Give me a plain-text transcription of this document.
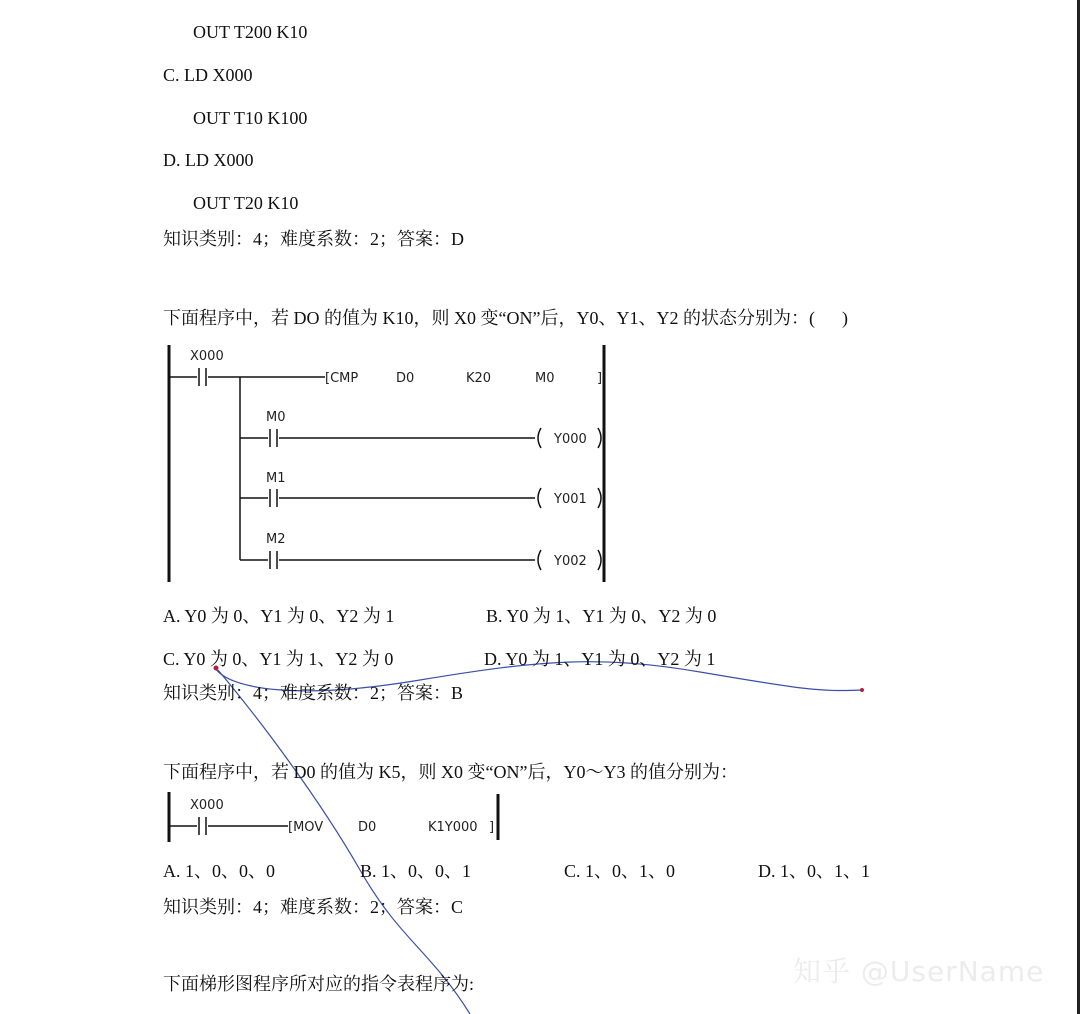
OUT T200 K10
C. LD X000
OUT T10 K100
D. LD X000
OUT T20 K10
知识类别：4；难度系数：2；答案：D
下面程序中，若 DO 的值为 K10，则 X0 变“ON”后，Y0、Y1、Y2 的状态分别为：(      )
X000
[CMP	D0	K20	M0	]
M0
M1
M2
Y000
Y001
Y002
X000
[MOV	D0	K1Y000 ]
A. Y0 为 0、Y1 为 0、Y2 为 1	B. Y0 为 1、Y1 为 0、Y2 为 0
C. Y0 为 0、Y1 为 1、Y2 为 0	D. Y0 为 1、Y1 为 0、Y2 为 1
知识类别：4；难度系数：2；答案：B
下面程序中，若 D0 的值为 K5，则 X0 变“ON”后，Y0～Y3 的值分别为：
A. 1、0、0、0	B. 1、0、0、1	C. 1、0、1、0	D. 1、0、1、1
知识类别：4；难度系数：2；答案：C
下面梯形图程序所对应的指令表程序为:	知乎 @UserName
